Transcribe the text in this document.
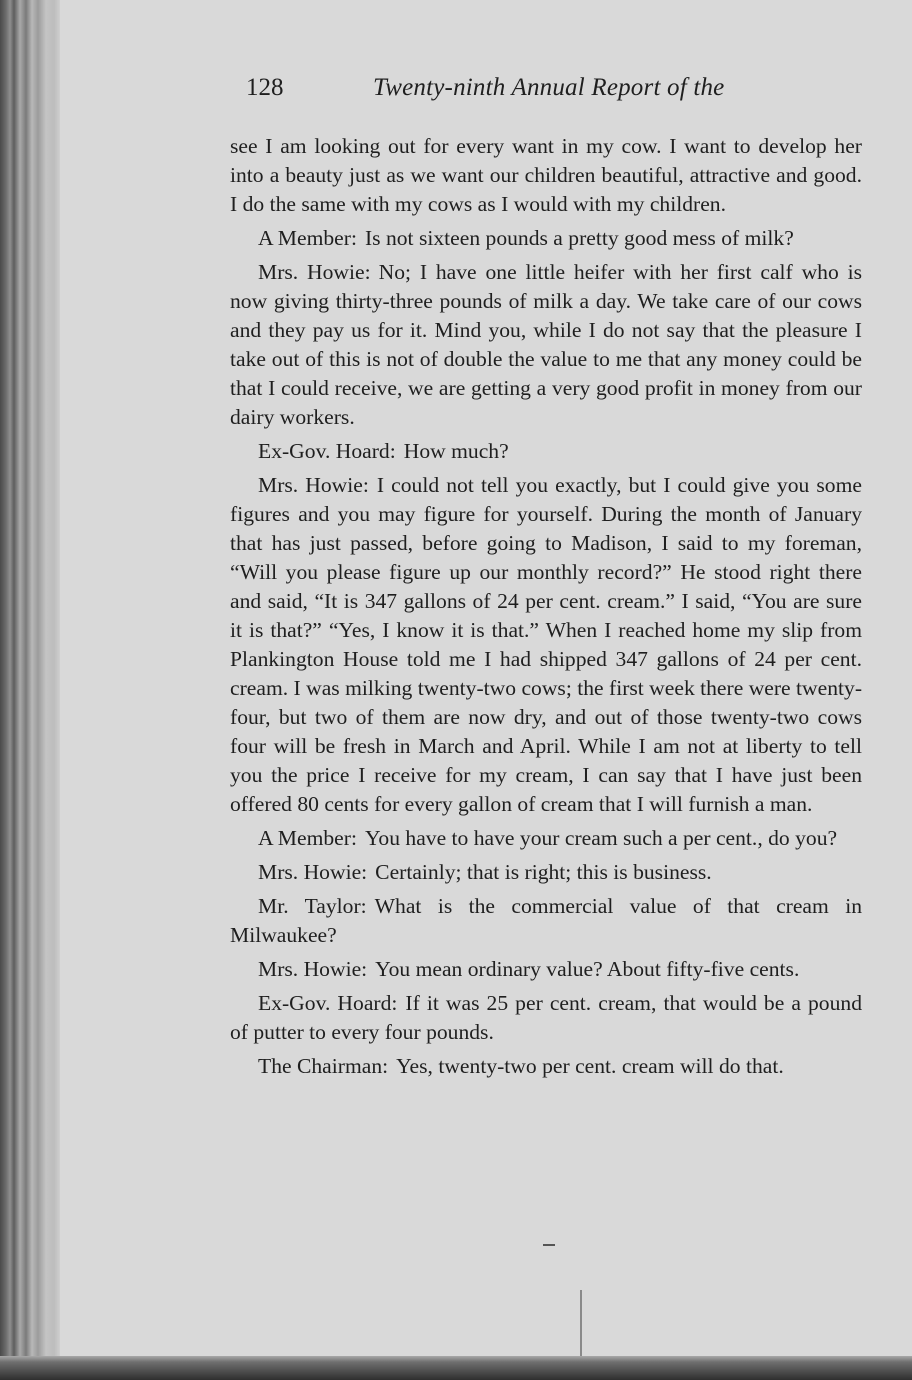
128	Twenty-ninth Annual Report of the

see I am looking out for every want in my cow. I want to develop her into a beauty just as we want our children beautiful, attractive and good. I do the same with my cows as I would with my children.

A Member: Is not sixteen pounds a pretty good mess of milk?

Mrs. Howie: No; I have one little heifer with her first calf who is now giving thirty-three pounds of milk a day. We take care of our cows and they pay us for it. Mind you, while I do not say that the pleasure I take out of this is not of double the value to me that any money could be that I could receive, we are getting a very good profit in money from our dairy workers.

Ex-Gov. Hoard: How much?

Mrs. Howie: I could not tell you exactly, but I could give you some figures and you may figure for yourself. During the month of January that has just passed, before going to Madison, I said to my foreman, “Will you please figure up our monthly record?” He stood right there and said, “It is 347 gallons of 24 per cent. cream.” I said, “You are sure it is that?” “Yes, I know it is that.” When I reached home my slip from Plankington House told me I had shipped 347 gallons of 24 per cent. cream. I was milking twenty-two cows; the first week there were twenty-four, but two of them are now dry, and out of those twenty-two cows four will be fresh in March and April. While I am not at liberty to tell you the price I receive for my cream, I can say that I have just been offered 80 cents for every gallon of cream that I will furnish a man.

A Member: You have to have your cream such a per cent., do you?

Mrs. Howie: Certainly; that is right; this is business.

Mr. Taylor: What is the commercial value of that cream in Milwaukee?

Mrs. Howie: You mean ordinary value? About fifty-five cents.

Ex-Gov. Hoard: If it was 25 per cent. cream, that would be a pound of putter to every four pounds.

The Chairman: Yes, twenty-two per cent. cream will do that.
